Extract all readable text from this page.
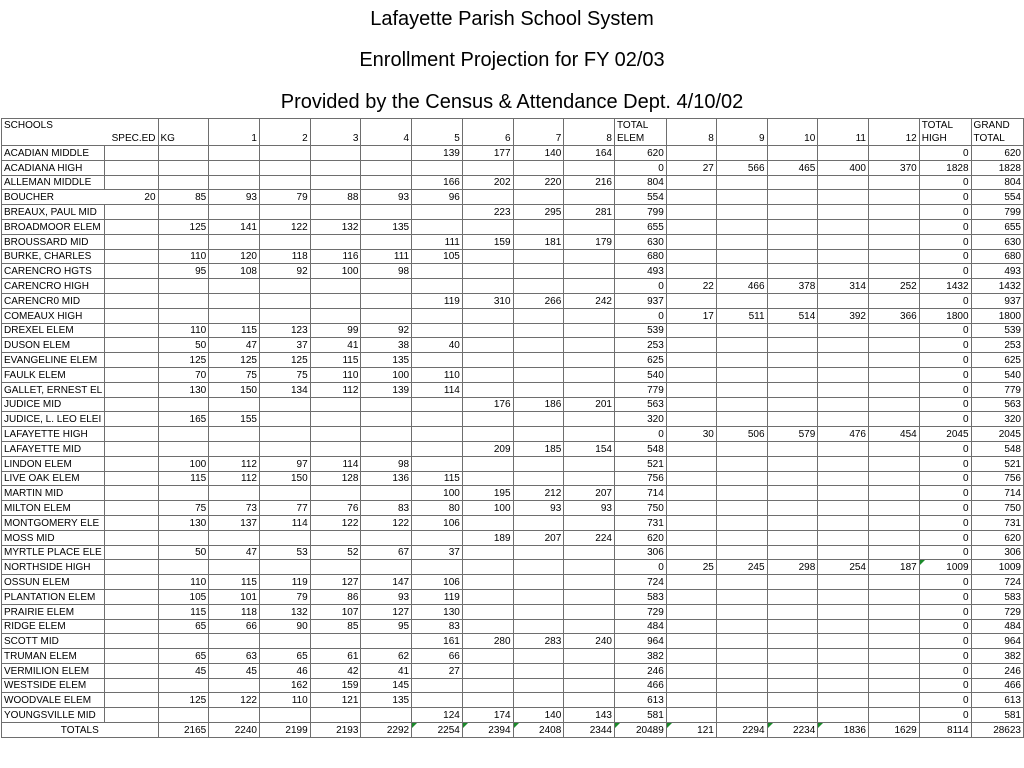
Lafayette Parish School System
Enrollment Projection for FY 02/03
Provided by the Census & Attendance Dept. 4/10/02
SCHOOLS											TOTAL						TOTAL	GRAND
	SPEC.ED	KG	1	2	3	4	5	6	7	8	ELEM	8	9	10	11	12	HIGH	TOTAL
ACADIAN MIDDLE							139	177	140	164	620						0	620
ACADIANA HIGH											0	27	566	465	400	370	1828	1828
ALLEMAN MIDDLE							166	202	220	216	804						0	804
BOUCHER	20	85	93	79	88	93	96				554						0	554
BREAUX, PAUL MID								223	295	281	799						0	799
BROADMOOR ELEM		125	141	122	132	135					655						0	655
BROUSSARD MID							111	159	181	179	630						0	630
BURKE, CHARLES		110	120	118	116	111	105				680						0	680
CARENCRO HGTS		95	108	92	100	98					493						0	493
CARENCRO HIGH											0	22	466	378	314	252	1432	1432
CARENCR0 MID							119	310	266	242	937						0	937
COMEAUX HIGH											0	17	511	514	392	366	1800	1800
DREXEL ELEM		110	115	123	99	92					539						0	539
DUSON ELEM		50	47	37	41	38	40				253						0	253
EVANGELINE ELEM		125	125	125	115	135					625						0	625
FAULK ELEM		70	75	75	110	100	110				540						0	540
GALLET, ERNEST EL		130	150	134	112	139	114				779						0	779
JUDICE MID								176	186	201	563						0	563
JUDICE, L. LEO ELEI		165	155								320						0	320
LAFAYETTE HIGH											0	30	506	579	476	454	2045	2045
LAFAYETTE MID								209	185	154	548						0	548
LINDON ELEM		100	112	97	114	98					521						0	521
LIVE OAK ELEM		115	112	150	128	136	115				756						0	756
MARTIN MID							100	195	212	207	714						0	714
MILTON ELEM		75	73	77	76	83	80	100	93	93	750						0	750
MONTGOMERY ELE		130	137	114	122	122	106				731						0	731
MOSS MID								189	207	224	620						0	620
MYRTLE PLACE ELE		50	47	53	52	67	37				306						0	306
NORTHSIDE HIGH											0	25	245	298	254	187	1009	1009
OSSUN ELEM		110	115	119	127	147	106				724						0	724
PLANTATION ELEM		105	101	79	86	93	119				583						0	583
PRAIRIE ELEM		115	118	132	107	127	130				729						0	729
RIDGE ELEM		65	66	90	85	95	83				484						0	484
SCOTT MID							161	280	283	240	964						0	964
TRUMAN ELEM		65	63	65	61	62	66				382						0	382
VERMILION ELEM		45	45	46	42	41	27				246						0	246
WESTSIDE ELEM				162	159	145					466						0	466
WOODVALE ELEM		125	122	110	121	135					613						0	613
YOUNGSVILLE MID							124	174	140	143	581						0	581
TOTALS		2165	2240	2199	2193	2292	2254	2394	2408	2344	20489	121	2294	2234	1836	1629	8114	28623
